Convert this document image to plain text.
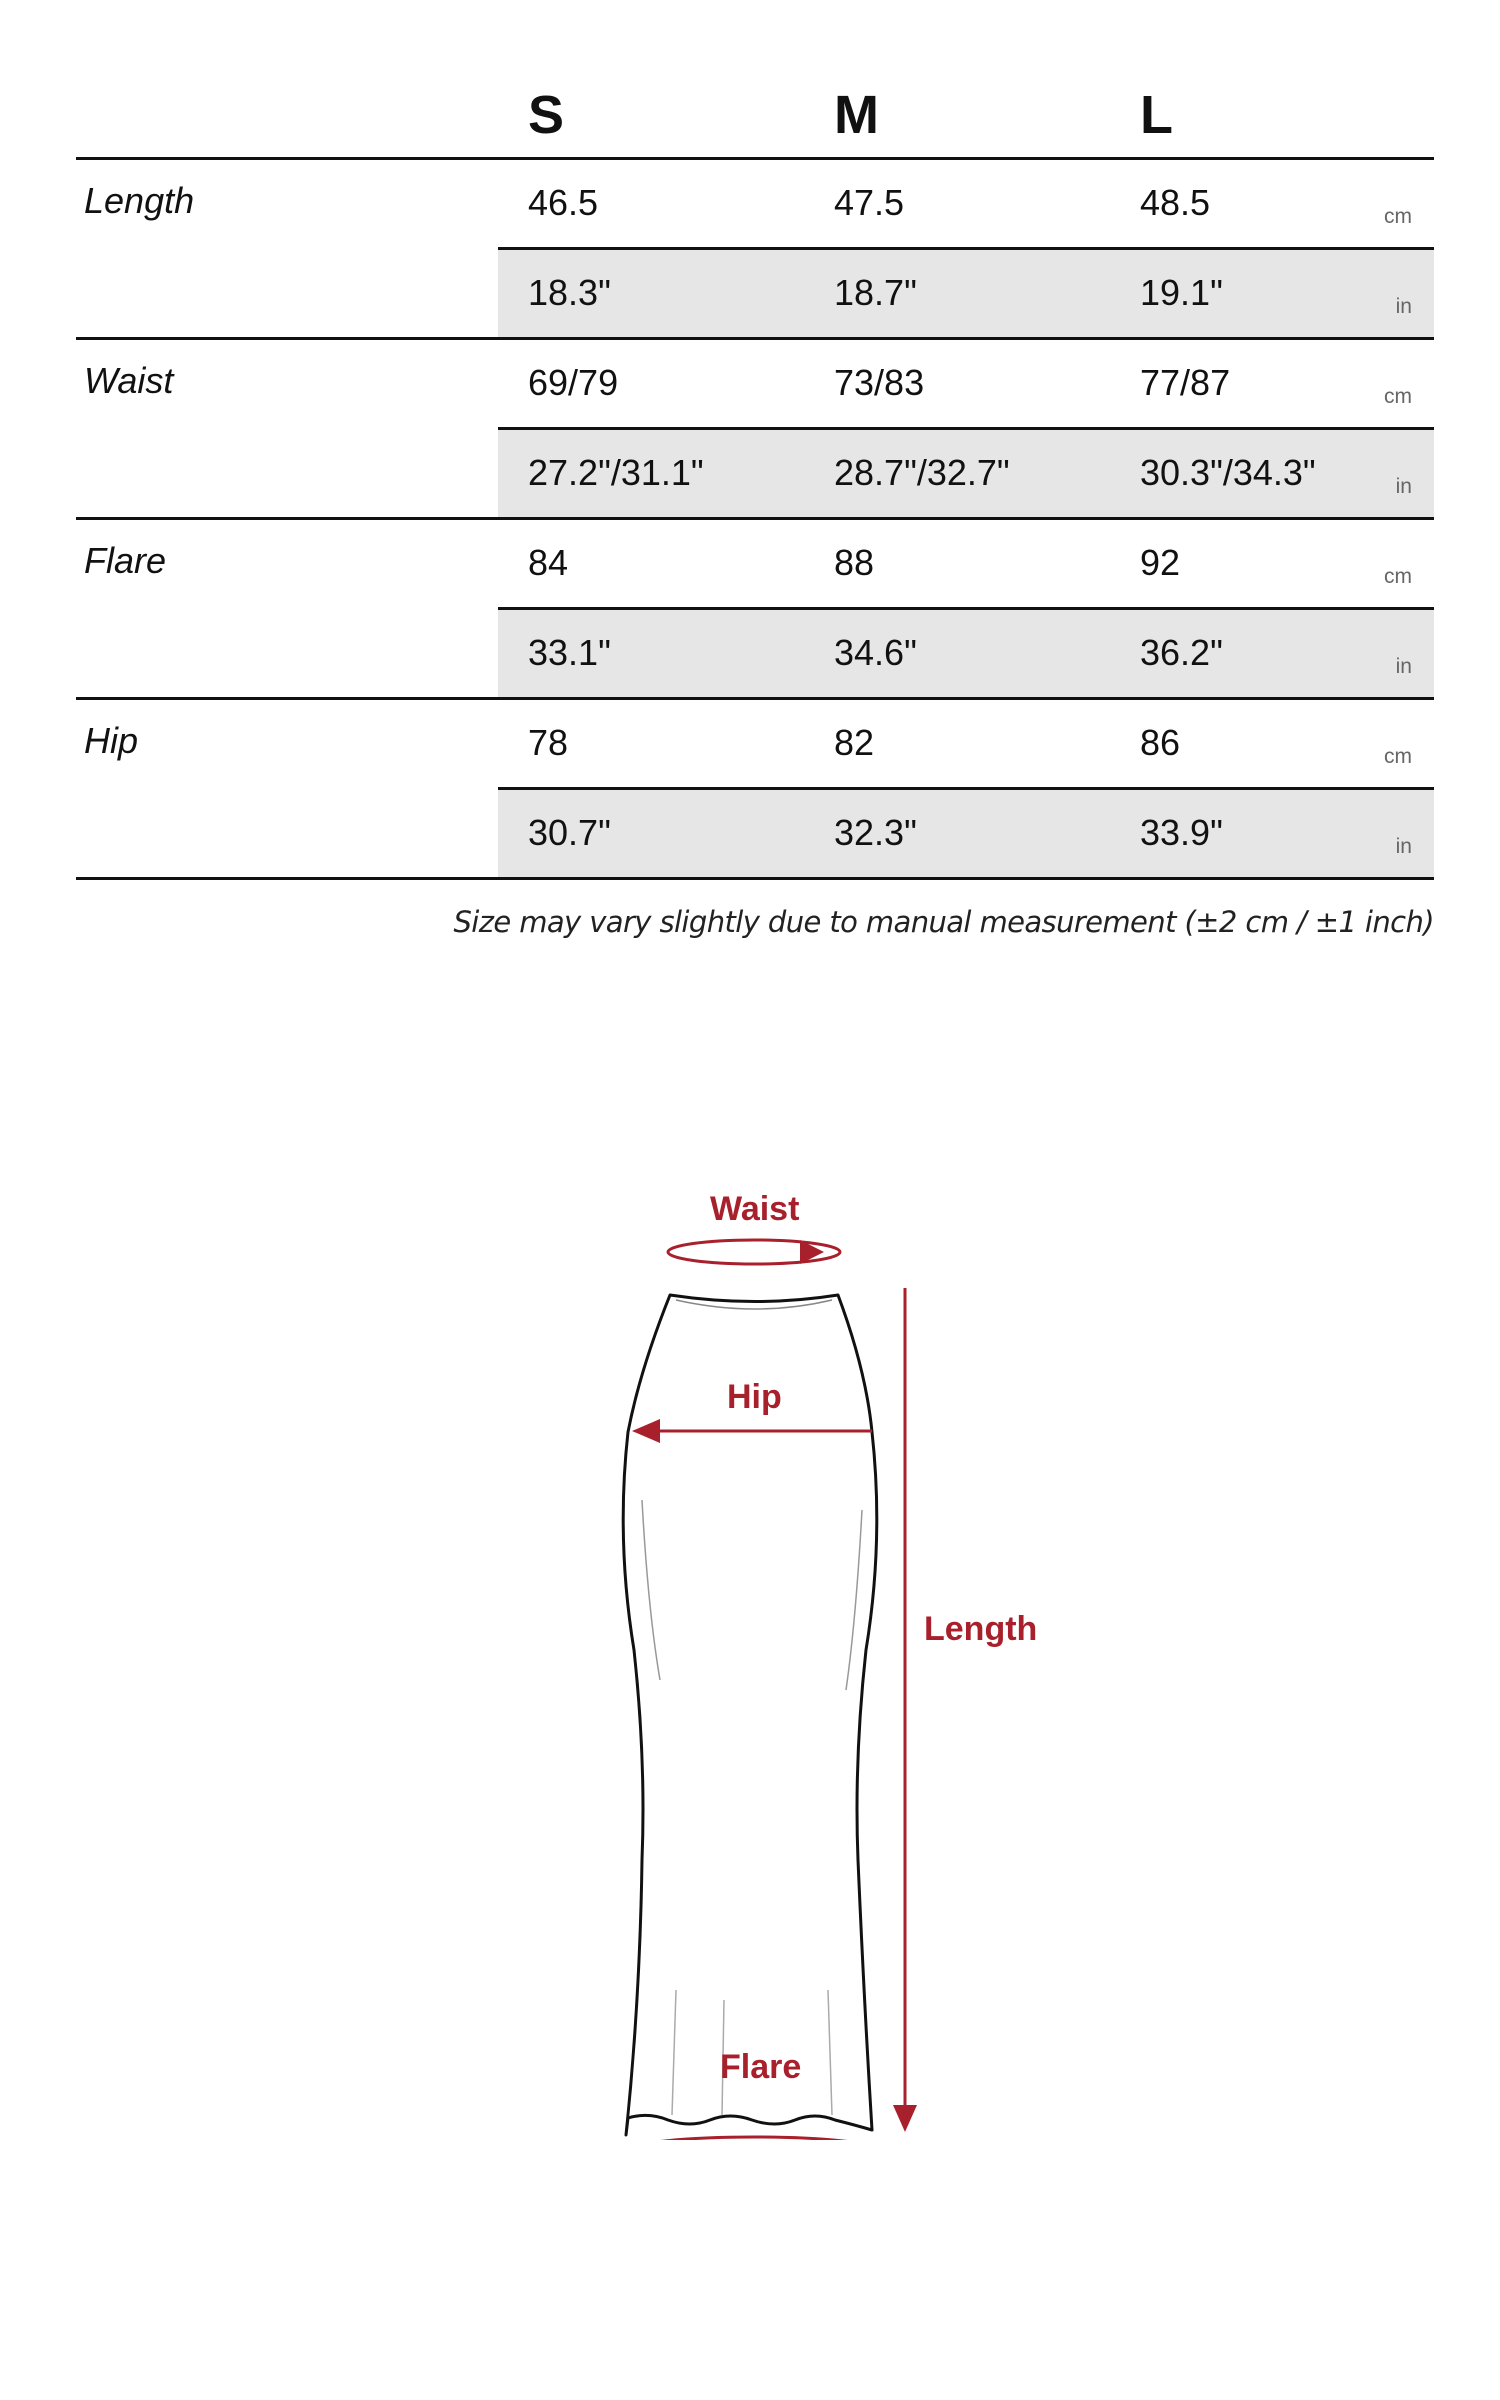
S	M	L
Length	46.5	47.5	48.5	cm
18.3"	18.7"	19.1"	in
Waist	69/79	73/83	77/87	cm
27.2"/31.1"	28.7"/32.7"	30.3"/34.3"	in
Flare	84	88	92	cm
33.1"	34.6"	36.2"	in
Hip	78	82	86	cm
30.7"	32.3"	33.9"	in
Size may vary slightly due to manual measurement (±2 cm / ±1 inch)
Waist
Hip
Length
Flare
